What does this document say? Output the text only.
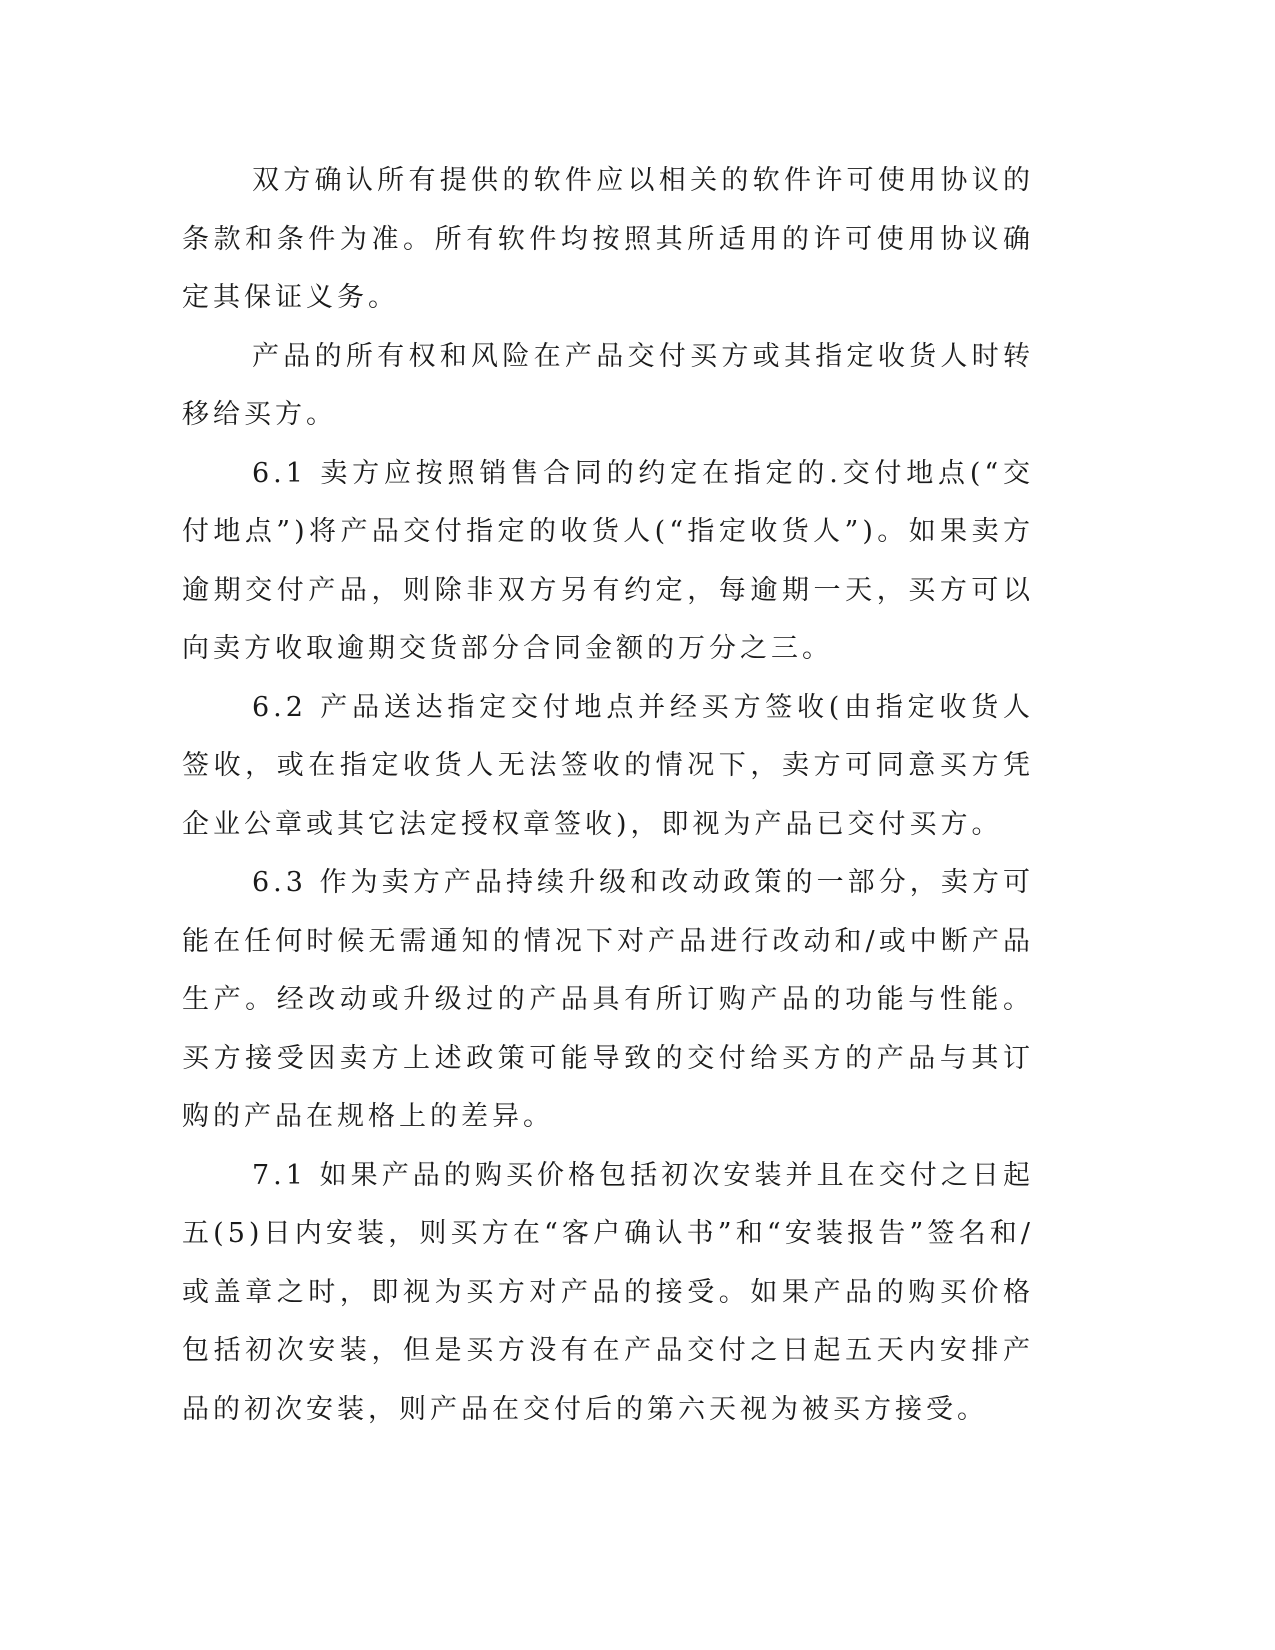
双方确认所有提供的软件应以相关的软件许可使用协议的条款和条件为准。所有软件均按照其所适用的许可使用协议确定其保证义务。

产品的所有权和风险在产品交付买方或其指定收货人时转移给买方。

6.1 卖方应按照销售合同的约定在指定的.交付地点(“交付地点”)将产品交付指定的收货人(“指定收货人”)。如果卖方逾期交付产品，则除非双方另有约定，每逾期一天，买方可以向卖方收取逾期交货部分合同金额的万分之三。

6.2 产品送达指定交付地点并经买方签收(由指定收货人签收，或在指定收货人无法签收的情况下，卖方可同意买方凭企业公章或其它法定授权章签收)，即视为产品已交付买方。

6.3 作为卖方产品持续升级和改动政策的一部分，卖方可能在任何时候无需通知的情况下对产品进行改动和/或中断产品生产。经改动或升级过的产品具有所订购产品的功能与性能。买方接受因卖方上述政策可能导致的交付给买方的产品与其订购的产品在规格上的差异。

7.1 如果产品的购买价格包括初次安装并且在交付之日起五(5)日内安装，则买方在“客户确认书”和“安装报告”签名和/或盖章之时，即视为买方对产品的接受。如果产品的购买价格包括初次安装，但是买方没有在产品交付之日起五天内安排产品的初次安装，则产品在交付后的第六天视为被买方接受。
